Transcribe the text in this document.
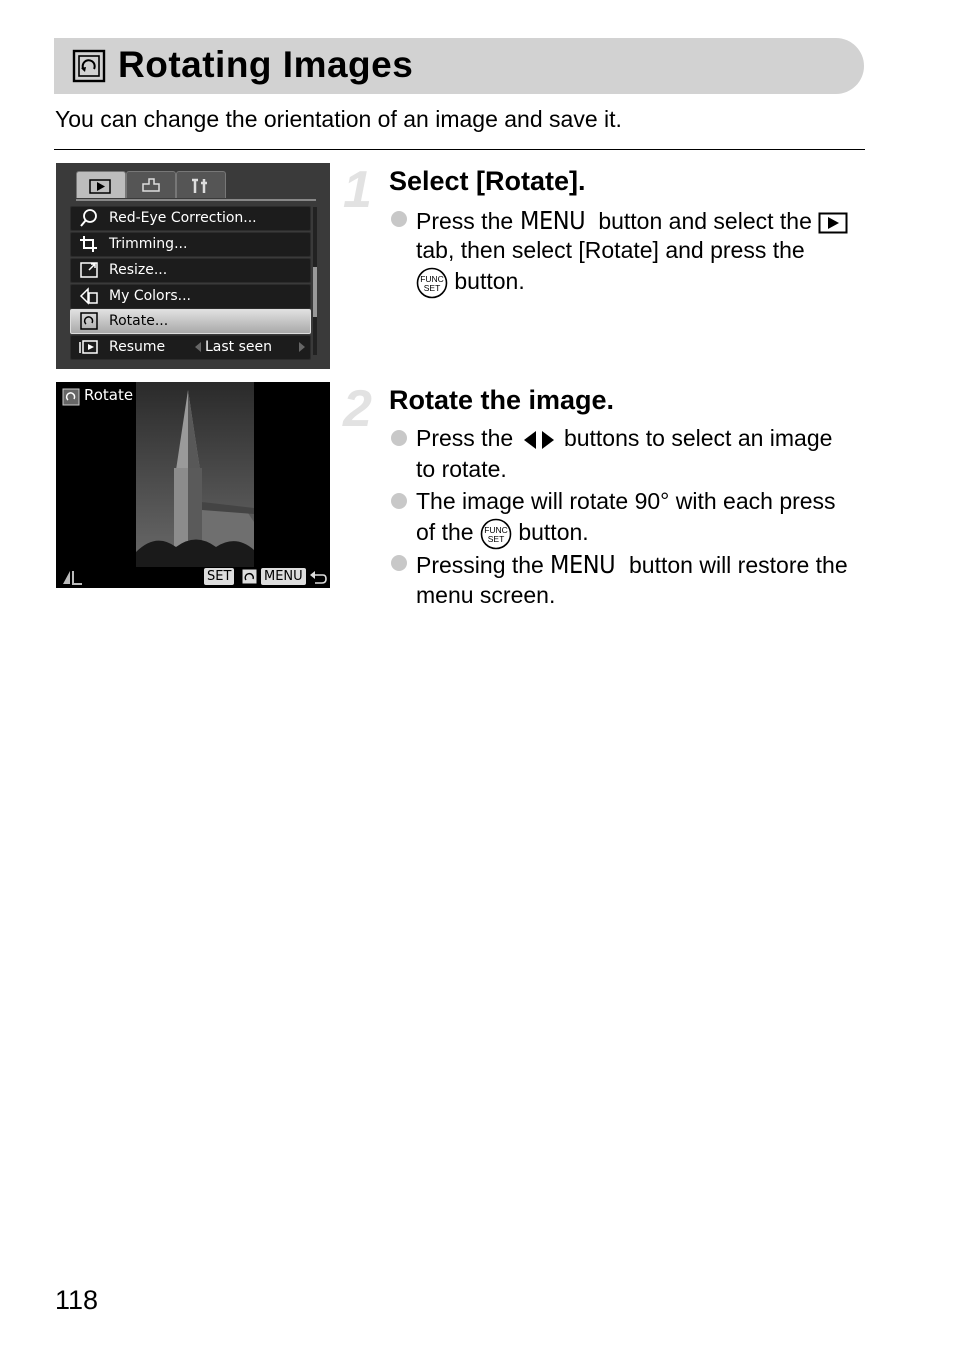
Rotating Images
You can change the orientation of an image and save it.
Red-Eye Correction...
Trimming...
Resize...
My Colors...
Rotate...
Resume	Last seen
Rotate
SET	MENU
1 Select [Rotate].
Press the MENU button and select the
tab, then select [Rotate] and press the
FUNC
SET button.
2 Rotate the image.
Press the buttons to select an image
to rotate.
The image will rotate 90° with each press
of the FUNC
SET button.
Pressing the MENU button will restore the
menu screen.
118
